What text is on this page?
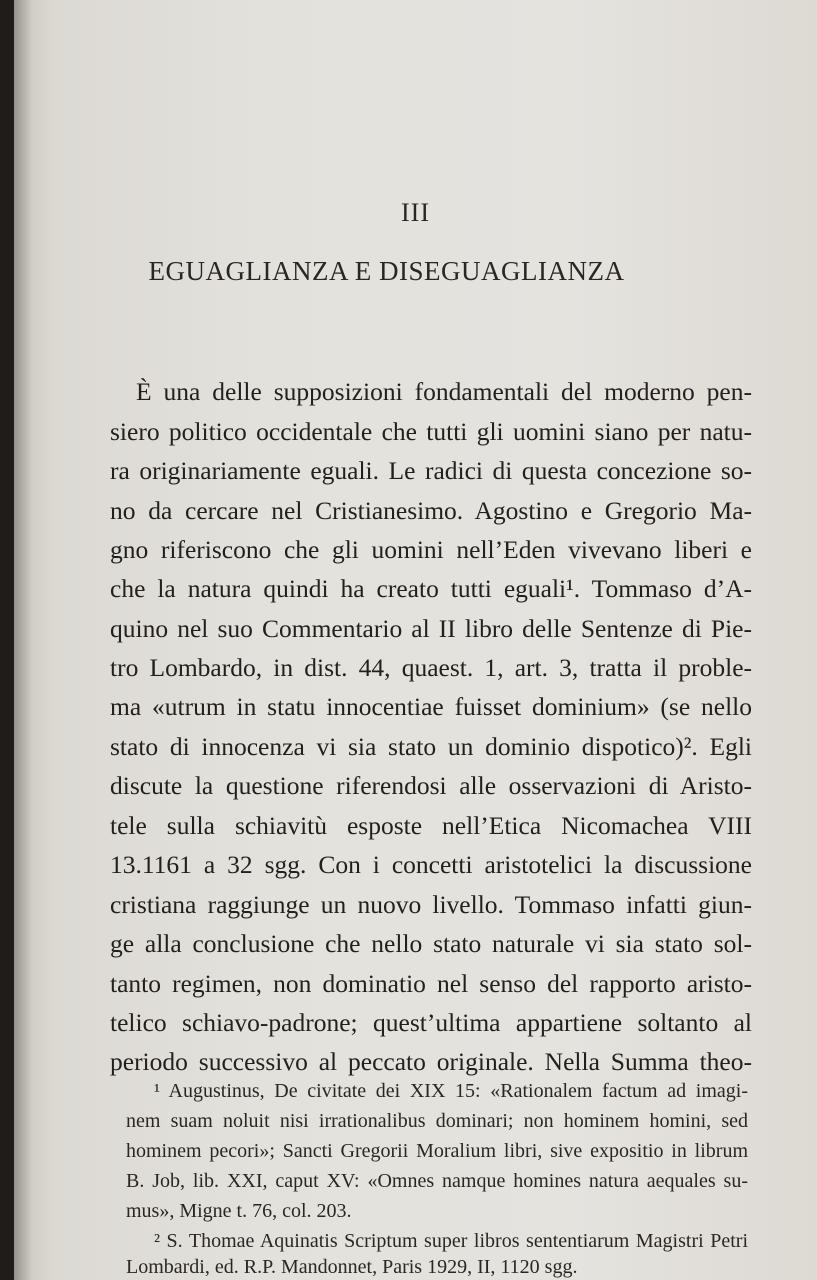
III
EGUAGLIANZA E DISEGUAGLIANZA
È una delle supposizioni fondamentali del moderno pen-
siero politico occidentale che tutti gli uomini siano per natu-
ra originariamente eguali. Le radici di questa concezione so-
no da cercare nel Cristianesimo. Agostino e Gregorio Ma-
gno riferiscono che gli uomini nell’Eden vivevano liberi e
che la natura quindi ha creato tutti eguali¹. Tommaso d’A-
quino nel suo Commentario al II libro delle Sentenze di Pie-
tro Lombardo, in dist. 44, quaest. 1, art. 3, tratta il proble-
ma «utrum in statu innocentiae fuisset dominium» (se nello
stato di innocenza vi sia stato un dominio dispotico)². Egli
discute la questione riferendosi alle osservazioni di Aristo-
tele sulla schiavitù esposte nell’Etica Nicomachea VIII
13.1161 a 32 sgg. Con i concetti aristotelici la discussione
cristiana raggiunge un nuovo livello. Tommaso infatti giun-
ge alla conclusione che nello stato naturale vi sia stato sol-
tanto regimen, non dominatio nel senso del rapporto aristo-
telico schiavo-padrone; quest’ultima appartiene soltanto al
periodo successivo al peccato originale. Nella Summa theo-
¹ Augustinus, De civitate dei XIX 15: «Rationalem factum ad imagi-
nem suam noluit nisi irrationalibus dominari; non hominem homini, sed
hominem pecori»; Sancti Gregorii Moralium libri, sive expositio in librum
B. Job, lib. XXI, caput XV: «Omnes namque homines natura aequales su-
mus», Migne t. 76, col. 203.
² S. Thomae Aquinatis Scriptum super libros sententiarum Magistri Petri
Lombardi, ed. R.P. Mandonnet, Paris 1929, II, 1120 sgg.
